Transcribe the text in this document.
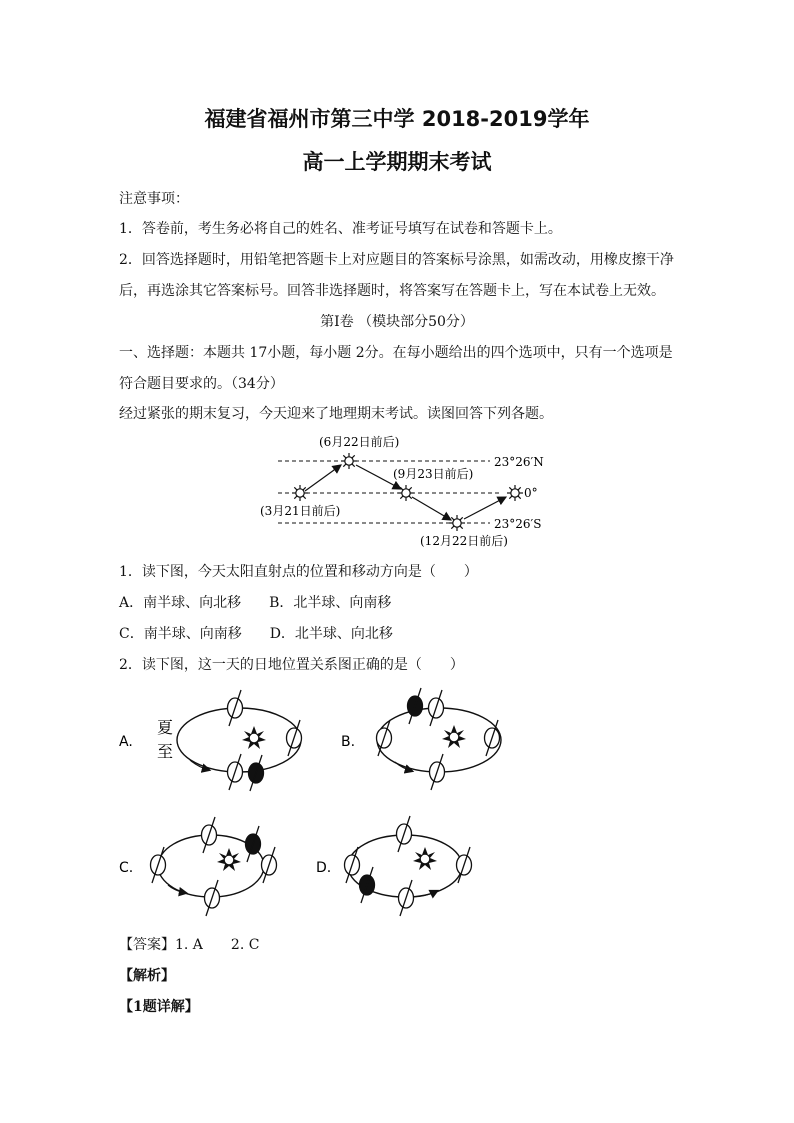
福建省福州市第三中学 2018-2019学年
高一上学期期末考试
注意事项：
1．答卷前，考生务必将自己的姓名、准考证号填写在试卷和答题卡上。
2．回答选择题时，用铅笔把答题卡上对应题目的答案标号涂黑，如需改动，用橡皮擦干净
后，再选涂其它答案标号。回答非选择题时，将答案写在答题卡上，写在本试卷上无效。
第Ⅰ卷 （模块部分50分）
一、选择题：本题共 17小题，每小题 2分。在每小题给出的四个选项中，只有一个选项是
符合题目要求的。（34分）
经过紧张的期末复习，今天迎来了地理期末考试。读图回答下列各题。
(6月22日前后)
(9月23日前后)
(3月21日前后)
(12月22日前后)
23°26′N
0°
23°26′S
1．读下图，今天太阳直射点的位置和移动方向是（　　）
A．南半球、向北移　　B．北半球、向南移
C．南半球、向南移　　D．北半球、向北移
2．读下图，这一天的日地位置关系图正确的是（　　）
A.
夏
至	B.
C.	D.
【答案】1. A　　2. C
【解析】
【1题详解】
